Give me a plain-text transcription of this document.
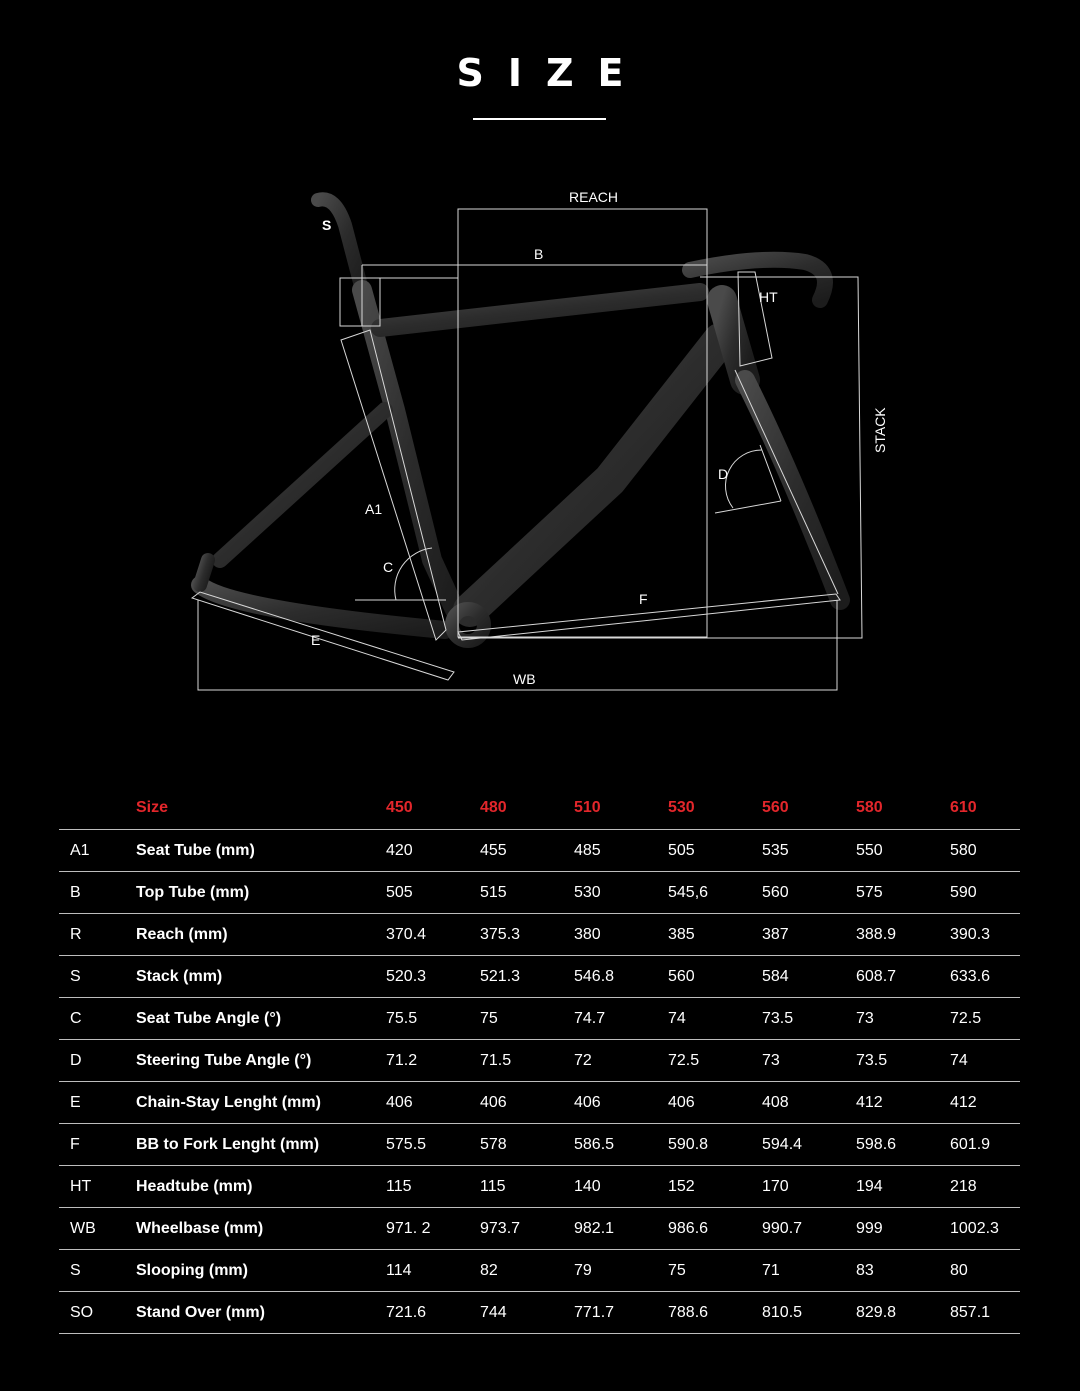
SIZE
REACH
B
S
HT
STACK
D
A1
C
F
E
WB
	Size	450	480	510	530	560	580	610
A1	Seat Tube (mm)	420	455	485	505	535	550	580
B	Top Tube (mm)	505	515	530	545,6	560	575	590
R	Reach (mm)	370.4	375.3	380	385	387	388.9	390.3
S	Stack (mm)	520.3	521.3	546.8	560	584	608.7	633.6
C	Seat Tube Angle (°)	75.5	75	74.7	74	73.5	73	72.5
D	Steering Tube Angle (°)	71.2	71.5	72	72.5	73	73.5	74
E	Chain-Stay Lenght (mm)	406	406	406	406	408	412	412
F	BB to Fork Lenght (mm)	575.5	578	586.5	590.8	594.4	598.6	601.9
HT	Headtube (mm)	115	115	140	152	170	194	218
WB	Wheelbase (mm)	971. 2	973.7	982.1	986.6	990.7	999	1002.3
S	Slooping (mm)	114	82	79	75	71	83	80
SO	Stand Over (mm)	721.6	744	771.7	788.6	810.5	829.8	857.1
